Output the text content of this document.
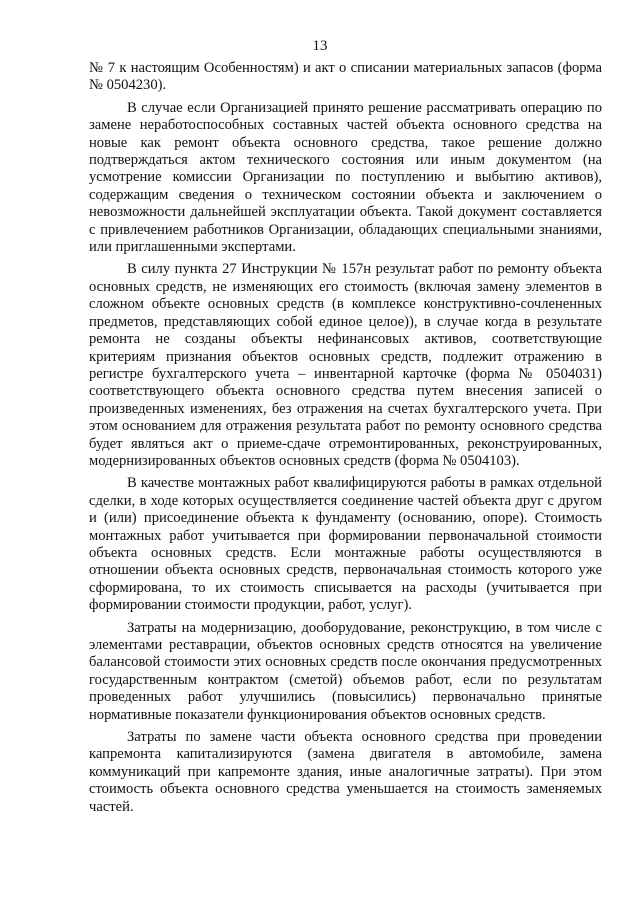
13

№ 7 к настоящим Особенностям) и акт о списании материальных запасов (форма № 0504230).

В случае если Организацией принято решение рассматривать операцию по замене неработоспособных составных частей объекта основного средства на новые как ремонт объекта основного средства, такое решение должно подтверждаться актом технического состояния или иным документом (на усмотрение комиссии Организации по поступлению и выбытию активов), содержащим сведения о техническом состоянии объекта и заключением о невозможности дальнейшей эксплуатации объекта. Такой документ составляется с привлечением работников Организации, обладающих специальными знаниями, или приглашенными экспертами.

В силу пункта 27 Инструкции № 157н результат работ по ремонту объекта основных средств, не изменяющих его стоимость (включая замену элементов в сложном объекте основных средств (в комплексе конструктивно-сочлененных предметов, представляющих собой единое целое)), в случае когда в результате ремонта не созданы объекты нефинансовых активов, соответствующие критериям признания объектов основных средств, подлежит отражению в регистре бухгалтерского учета – инвентарной карточке (форма № 0504031) соответствующего объекта основного средства путем внесения записей о произведенных изменениях, без отражения на счетах бухгалтерского учета. При этом основанием для отражения результата работ по ремонту основного средства будет являться акт о приеме-сдаче отремонтированных, реконструированных, модернизированных объектов основных средств (форма № 0504103).

В качестве монтажных работ квалифицируются работы в рамках отдельной сделки, в ходе которых осуществляется соединение частей объекта друг с другом и (или) присоединение объекта к фундаменту (основанию, опоре). Стоимость монтажных работ учитывается при формировании первоначальной стоимости объекта основных средств. Если монтажные работы осуществляются в отношении объекта основных средств, первоначальная стоимость которого уже сформирована, то их стоимость списывается на расходы (учитывается при формировании стоимости продукции, работ, услуг).

Затраты на модернизацию, дооборудование, реконструкцию, в том числе с элементами реставрации, объектов основных средств относятся на увеличение балансовой стоимости этих основных средств после окончания предусмотренных государственным контрактом (сметой) объемов работ, если по результатам проведенных работ улучшились (повысились) первоначально принятые нормативные показатели функционирования объектов основных средств.

Затраты по замене части объекта основного средства при проведении капремонта капитализируются (замена двигателя в автомобиле, замена коммуникаций при капремонте здания, иные аналогичные затраты). При этом стоимость объекта основного средства уменьшается на стоимость заменяемых частей.
